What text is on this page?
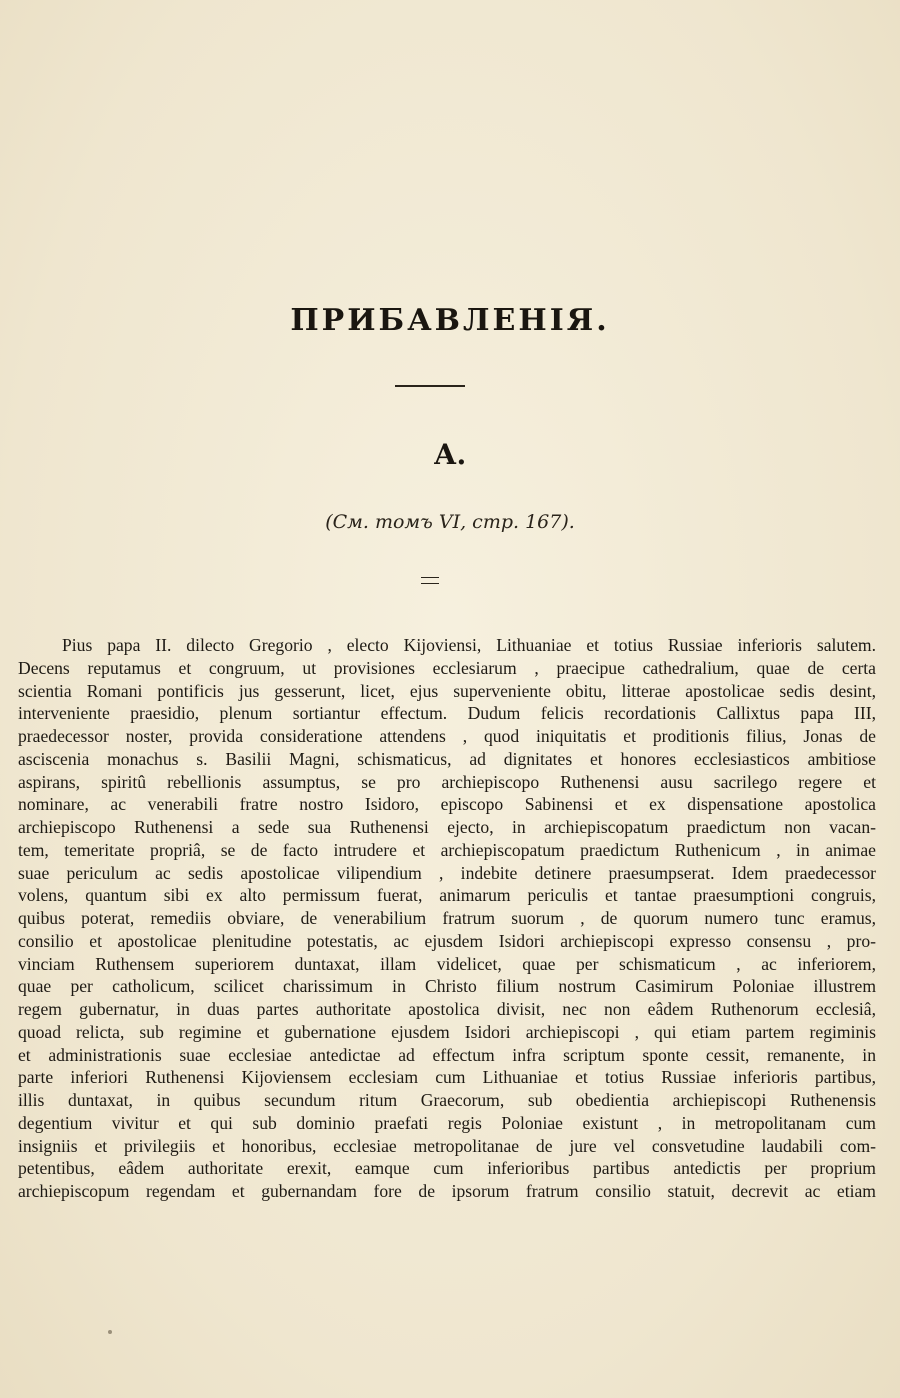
ПРИБАВЛЕНІЯ.
А.

(См. томъ VI, стр. 167).

Pius papa II. dilecto Gregorio , electo Kijoviensi, Lithuaniae et totius Russiae inferioris salutem.
Decens reputamus et congruum, ut provisiones ecclesiarum , praecipue cathedralium, quae de certa
scientia Romani pontificis jus gesserunt, licet, ejus superveniente obitu, litterae apostolicae sedis desint,
interveniente praesidio, plenum sortiantur effectum. Dudum felicis recordationis Callixtus papa III,
praedecessor noster, provida consideratione attendens , quod iniquitatis et proditionis filius, Jonas de
asciscenia monachus s. Basilii Magni, schismaticus, ad dignitates et honores ecclesiasticos ambitiose
aspirans, spiritû rebellionis assumptus, se pro archiepiscopo Ruthenensi ausu sacrilego regere et
nominare, ac venerabili fratre nostro Isidoro, episcopo Sabinensi et ex dispensatione apostolica
archiepiscopo Ruthenensi a sede sua Ruthenensi ejecto, in archiepiscopatum praedictum non vacan-
tem, temeritate propriâ, se de facto intrudere et archiepiscopatum praedictum Ruthenicum , in animae
suae periculum ac sedis apostolicae vilipendium , indebite detinere praesumpserat. Idem praedecessor
volens, quantum sibi ex alto permissum fuerat, animarum periculis et tantae praesumptioni congruis,
quibus poterat, remediis obviare, de venerabilium fratrum suorum , de quorum numero tunc eramus,
consilio et apostolicae plenitudine potestatis, ac ejusdem Isidori archiepiscopi expresso consensu , pro-
vinciam Ruthensem superiorem duntaxat, illam videlicet, quae per schismaticum , ac inferiorem,
quae per catholicum, scilicet charissimum in Christo filium nostrum Casimirum Poloniae illustrem
regem gubernatur, in duas partes authoritate apostolica divisit, nec non eâdem Ruthenorum ecclesiâ,
quoad relicta, sub regimine et gubernatione ejusdem Isidori archiepiscopi , qui etiam partem regiminis
et administrationis suae ecclesiae antedictae ad effectum infra scriptum sponte cessit, remanente, in
parte inferiori Ruthenensi Kijoviensem ecclesiam cum Lithuaniae et totius Russiae inferioris partibus,
illis duntaxat, in quibus secundum ritum Graecorum, sub obedientia archiepiscopi Ruthenensis
degentium vivitur et qui sub dominio praefati regis Poloniae existunt , in metropolitanam cum
insigniis et privilegiis et honoribus, ecclesiae metropolitanae de jure vel consvetudine laudabili com-
petentibus, eâdem authoritate erexit, eamque cum inferioribus partibus antedictis per proprium
archiepiscopum regendam et gubernandam fore de ipsorum fratrum consilio statuit, decrevit ac etiam
